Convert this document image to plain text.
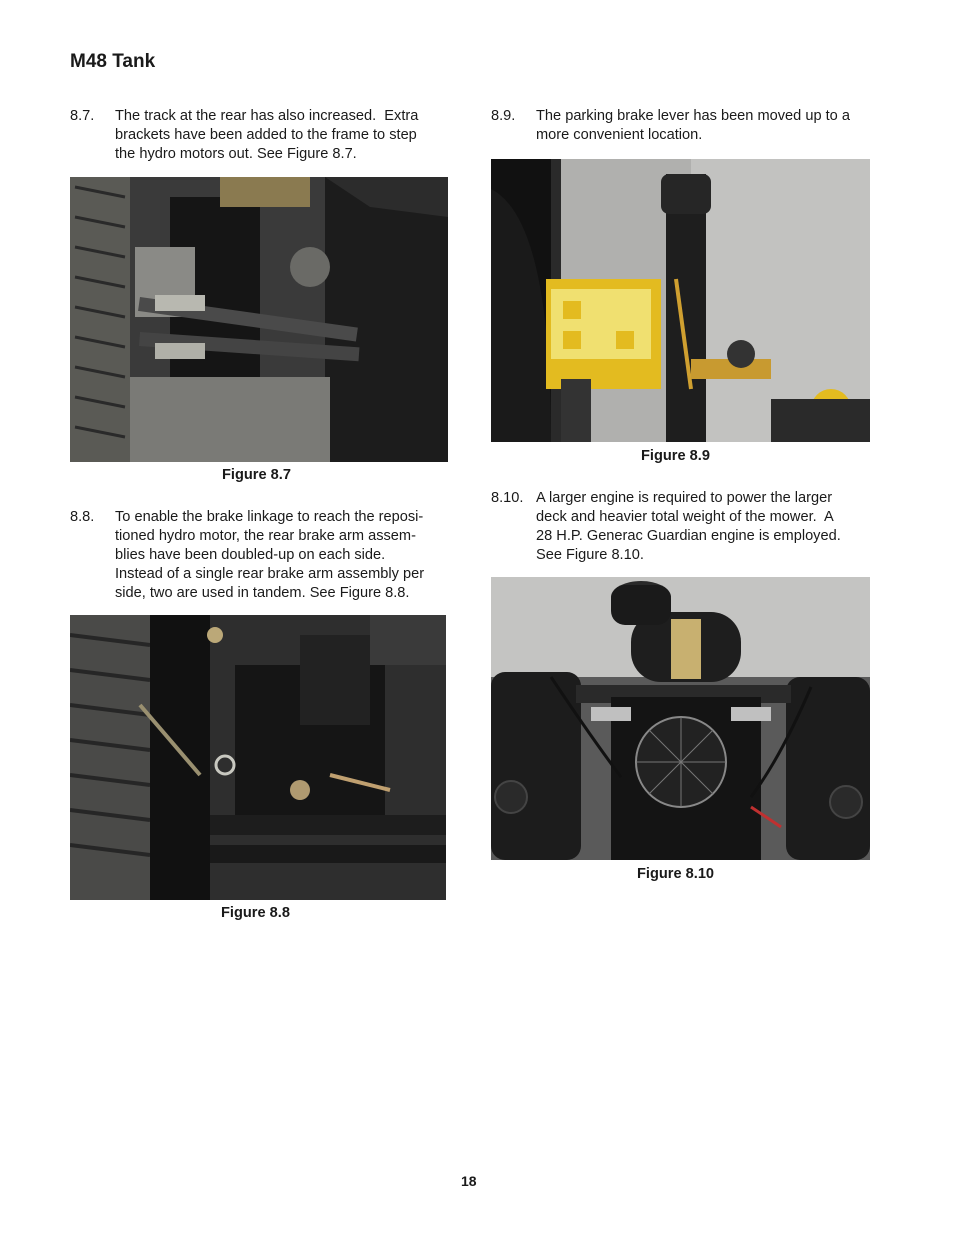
M48 Tank
8.7. The track at the rear has also increased.  Extra
brackets have been added to the frame to step
the hydro motors out. See Figure 8.7.
Figure 8.7
8.8. To enable the brake linkage to reach the reposi-
tioned hydro motor, the rear brake arm assem-
blies have been doubled-up on each side.
Instead of a single rear brake arm assembly per
side, two are used in tandem. See Figure 8.8.
Figure 8.8
8.9. The parking brake lever has been moved up to a
more convenient location.
Figure 8.9
8.10. A larger engine is required to power the larger
deck and heavier total weight of the mower.  A
28 H.P. Generac Guardian engine is employed.
See Figure 8.10.
Figure 8.10
18
